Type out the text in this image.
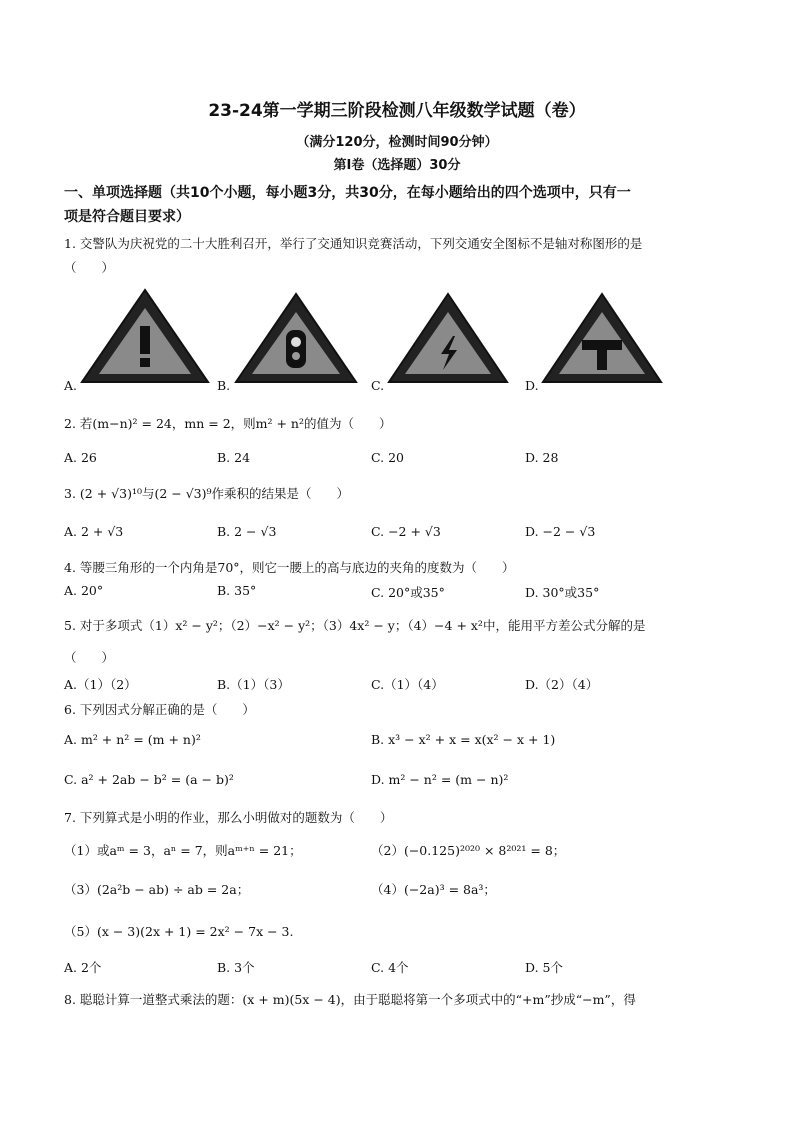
23-24第一学期三阶段检测八年级数学试题（卷）
（满分120分，检测时间90分钟）
第Ⅰ卷（选择题）30分
一、单项选择题（共10个小题，每小题3分，共30分，在每小题给出的四个选项中，只有一
项是符合题目要求）
1. 交警队为庆祝党的二十大胜利召开，举行了交通知识竞赛活动，下列交通安全图标不是轴对称图形的是
（　　）
A.	B.	C.	D.
2. 若(m−n)² = 24，mn = 2，则m² + n²的值为（　　）
A. 26	B. 24	C. 20	D. 28
3. (2 + √3)¹⁰与(2 − √3)⁹作乘积的结果是（　　）
A. 2 + √3	B. 2 − √3	C. −2 + √3	D. −2 − √3
4. 等腰三角形的一个内角是70°，则它一腰上的高与底边的夹角的度数为（　　）
A. 20°	B. 35°	C. 20°或35°	D. 30°或35°
5. 对于多项式（1）x² − y²；（2）−x² − y²；（3）4x² − y；（4）−4 + x²中，能用平方差公式分解的是
（　　）
A.（1）（2）	B.（1）（3）	C.（1）（4）	D.（2）（4）
6. 下列因式分解正确的是（　　）
A. m² + n² = (m + n)²	B. x³ − x² + x = x(x² − x + 1)
C. a² + 2ab − b² = (a − b)²	D. m² − n² = (m − n)²
7. 下列算式是小明的作业，那么小明做对的题数为（　　）
（1）或aᵐ = 3，aⁿ = 7，则aᵐ⁺ⁿ = 21；	（2）(−0.125)²⁰²⁰ × 8²⁰²¹ = 8；
（3）(2a²b − ab) ÷ ab = 2a；	（4）(−2a)³ = 8a³；
（5）(x − 3)(2x + 1) = 2x² − 7x − 3.
A. 2个	B. 3个	C. 4个	D. 5个
8. 聪聪计算一道整式乘法的题：(x + m)(5x − 4)，由于聪聪将第一个多项式中的“+m”抄成“−m”，得
